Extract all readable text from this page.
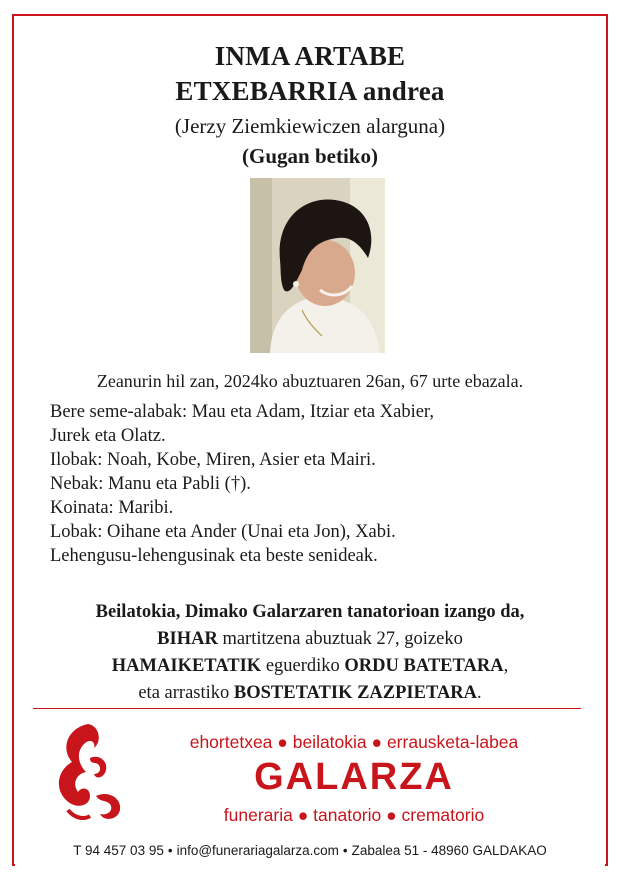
INMA ARTABE
ETXEBARRIA andrea
(Jerzy Ziemkiewiczen alarguna)
(Gugan betiko)
Zeanurin hil zan, 2024ko abuztuaren 26an, 67 urte ebazala.
Bere seme-alabak: Mau eta Adam, Itziar eta Xabier,
Jurek eta Olatz.
Ilobak: Noah, Kobe, Miren, Asier eta Mairi.
Nebak: Manu eta Pabli (†).
Koinata: Maribi.
Lobak: Oihane eta Ander (Unai eta Jon), Xabi.
Lehengusu-lehengusinak eta beste senideak.
Beilatokia, Dimako Galarzaren tanatorioan izango da,
BIHAR martitzena abuztuak 27, goizeko
HAMAIKETATIK eguerdiko ORDU BATETARA,
eta arrastiko BOSTETATIK ZAZPIETARA.
ehortetxea ● beilatokia ● errausketa-labea
GALARZA
funeraria ● tanatorio ● crematorio
T 94 457 03 95 • info@funerariagalarza.com • Zabalea 51 - 48960 GALDAKAO
